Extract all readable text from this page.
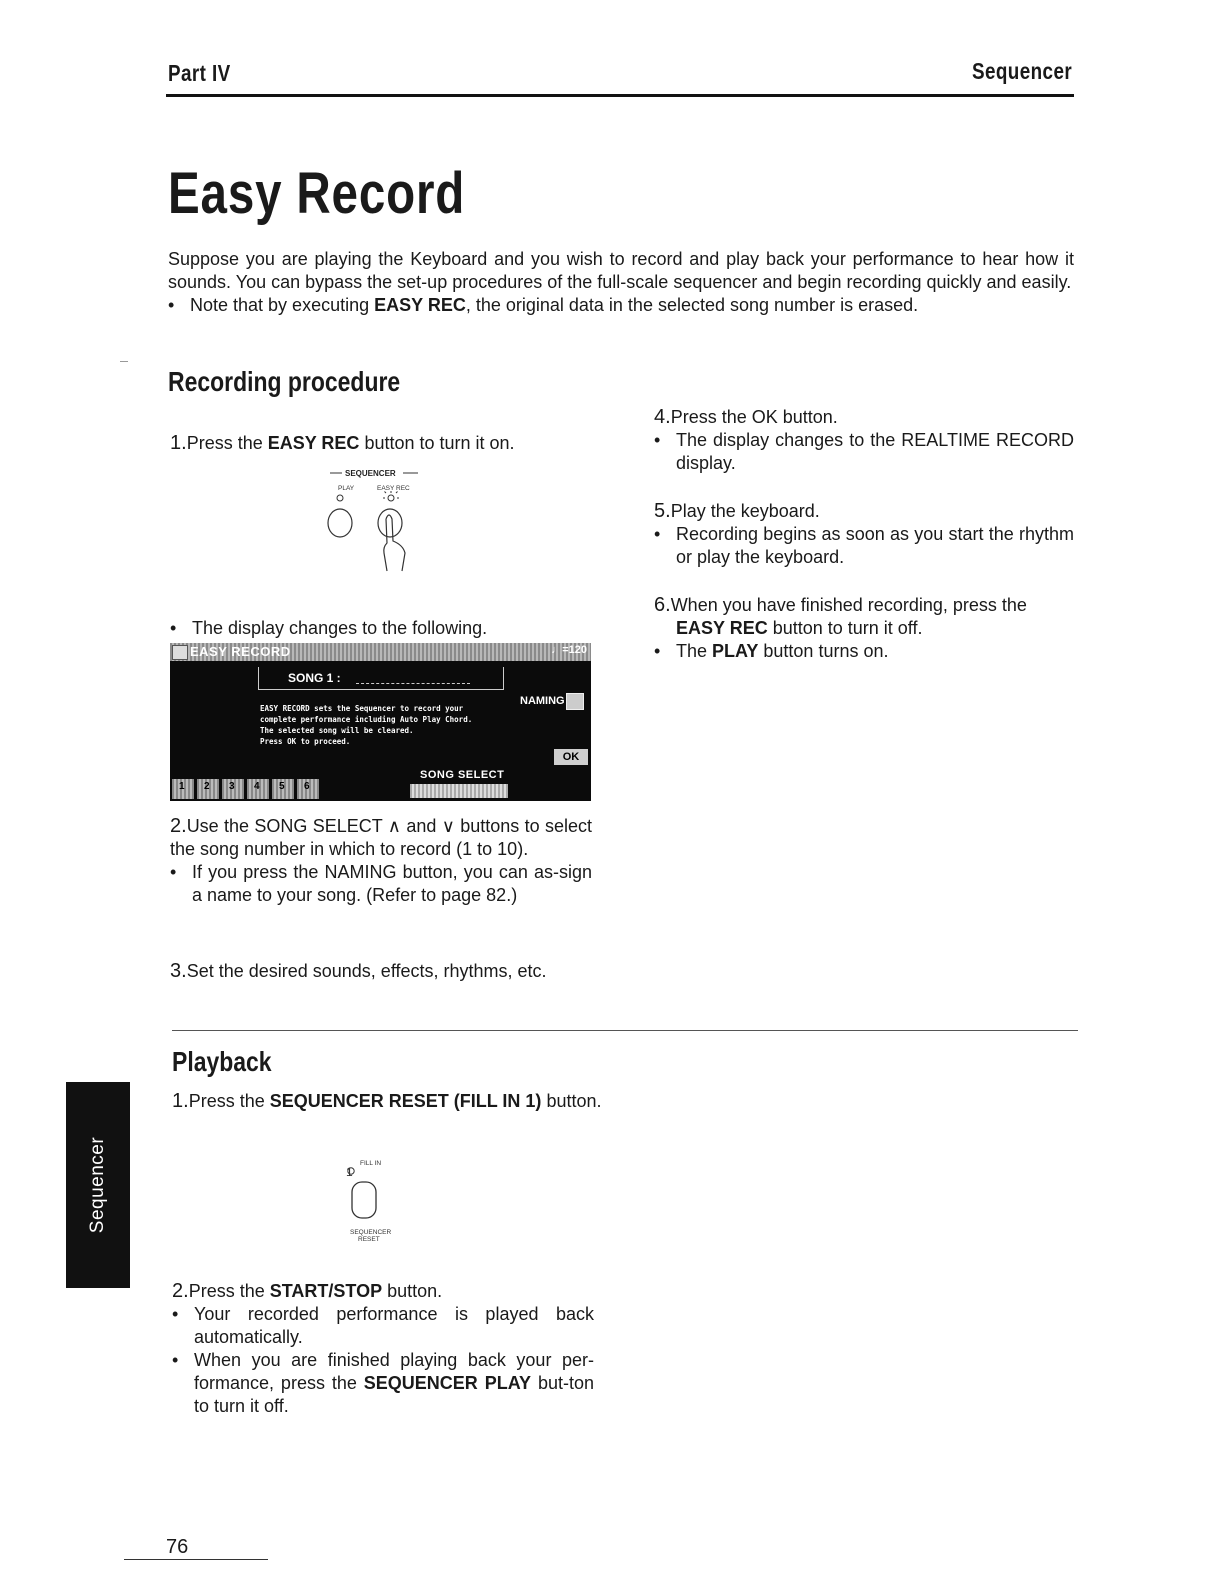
Part IV	Sequencer
Easy Record

Suppose you are playing the Keyboard and you wish to record and play back your performance to hear how it sounds. You can bypass the set-up procedures of the full-scale sequencer and begin recording quickly and easily.

• Note that by executing EASY REC, the original data in the selected song number is erased.

Recording procedure

1.Press the EASY REC button to turn it on.

SEQUENCER
PLAY	EASY REC
• The display changes to the following.
EASY RECORD	♩=120
SONG 1 :
NAMING
EASY RECORD sets the Sequencer to record your
complete performance including Auto Play Chord.
The selected song will be cleared.
Press OK to proceed.
OK
SONG SELECT
1 2 3 4 5 6

2.Use the SONG SELECT ∧ and ∨ buttons to select the song number in which to record (1 to 10).

• If you press the NAMING button, you can as-sign a name to your song. (Refer to page 82.)

3.Set the desired sounds, effects, rhythms, etc.

4.Press the OK button.

• The display changes to the REALTIME RECORD display.

5.Play the keyboard.

• Recording begins as soon as you start the rhythm or play the keyboard.

6.When you have finished recording, press the

EASY REC button to turn it off.

• The PLAY button turns on.

Playback

1.Press the SEQUENCER RESET (FILL IN 1) button.

1
FILL IN
SEQUENCER
RESET

2.Press the START/STOP button.

• Your recorded performance is played back automatically.

• When you are finished playing back your per-formance, press the SEQUENCER PLAY but-ton to turn it off.

Sequencer
76
